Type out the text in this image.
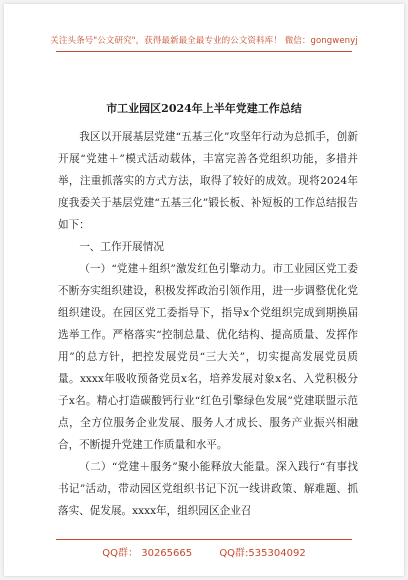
关注头条号"公文研究"，获得最新最全最专业的公文资料库！ 微信：gongwenyj
市工业园区2024年上半年党建工作总结

我区以开展基层党建“五基三化”攻坚年行动为总抓手，创新开展“党建＋”模式活动载体，丰富完善各党组织功能，多措并举，注重抓落实的方式方法，取得了较好的成效。现将2024年度我委关于基层党建“五基三化”锻长板、补短板的工作总结报告如下：

一、工作开展情况

（一）“党建＋组织”激发红色引擎动力。市工业园区党工委不断夯实组织建设，积极发挥政治引领作用，进一步调整优化党组织建设。在园区党工委指导下，指导x个党组织完成到期换届选举工作。严格落实“控制总量、优化结构、提高质量、发挥作用”的总方针，把控发展党员“三大关”，切实提高发展党员质量。xxxx年吸收预备党员x名，培养发展对象x名、入党积极分子x名。精心打造碳酸钙行业“红色引擎绿色发展”党建联盟示范点，全方位服务企业发展、服务人才成长、服务产业振兴相融合，不断提升党建工作质量和水平。

（二）“党建＋服务”聚小能释放大能量。深入践行“有事找书记”活动，带动园区党组织书记下沉一线讲政策、解难题、抓落实、促发展。xxxx年，组织园区企业召

QQ群： 30265665	QQ群:535304092
